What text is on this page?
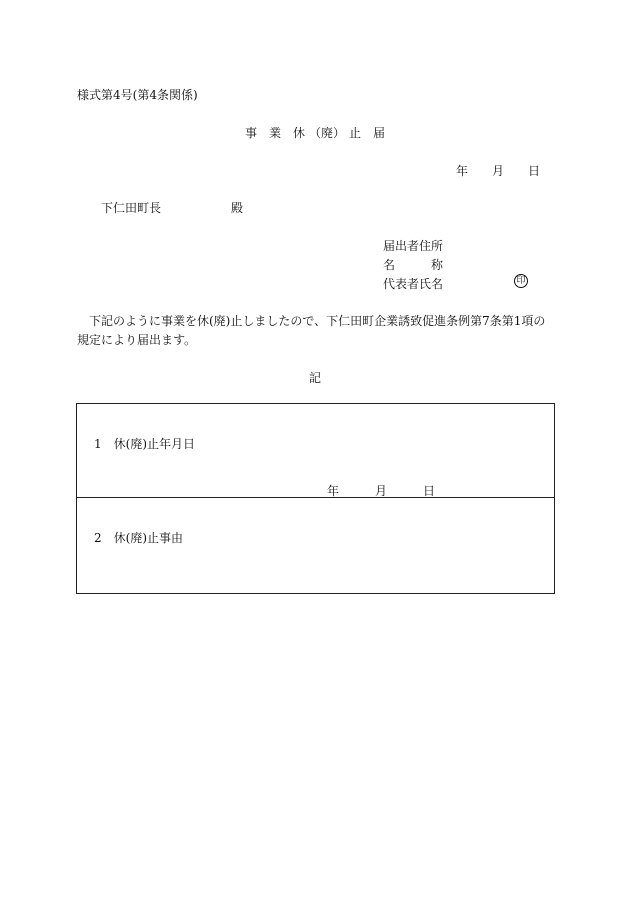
様式第4号(第4条関係)
事 業 休 （廃） 止 届
年 月 日
下仁田町長	殿
届出者住所
名　　　称
代表者氏名	印
下記のように事業を休(廃)止しましたので、下仁田町企業誘致促進条例第7条第1項の規定により届出ます。
記
1　休(廃)止年月日
年	月	日
2　休(廃)止事由
